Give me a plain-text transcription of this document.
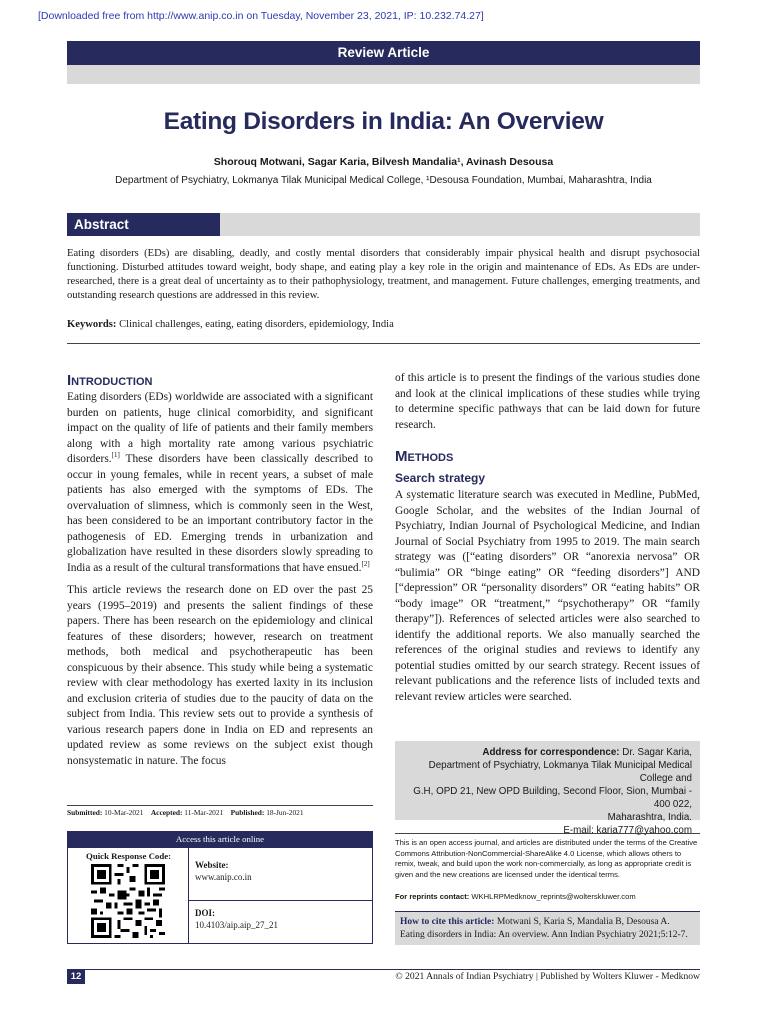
[Downloaded free from http://www.anip.co.in on Tuesday, November 23, 2021, IP: 10.232.74.27]
Review Article
Eating Disorders in India: An Overview
Shorouq Motwani, Sagar Karia, Bilvesh Mandalia¹, Avinash Desousa
Department of Psychiatry, Lokmanya Tilak Municipal Medical College, ¹Desousa Foundation, Mumbai, Maharashtra, India
Abstract
Eating disorders (EDs) are disabling, deadly, and costly mental disorders that considerably impair physical health and disrupt psychosocial functioning. Disturbed attitudes toward weight, body shape, and eating play a key role in the origin and maintenance of EDs. As EDs are under-researched, there is a great deal of uncertainty as to their pathophysiology, treatment, and management. Future challenges, emerging treatments, and outstanding research questions are addressed in this review.
Keywords: Clinical challenges, eating, eating disorders, epidemiology, India
INTRODUCTION

Eating disorders (EDs) worldwide are associated with a significant burden on patients, huge clinical comorbidity, and significant impact on the quality of life of patients and their family members along with a high mortality rate among various psychiatric disorders.[1] These disorders have been classically described to occur in young females, while in recent years, a subset of male patients has also emerged with the symptoms of EDs. The overvaluation of slimness, which is commonly seen in the West, has been considered to be an important contributory factor in the pathogenesis of ED. Emerging trends in urbanization and globalization have resulted in these disorders slowly spreading to India as a result of the cultural transformations that have ensued.[2]

This article reviews the research done on ED over the past 25 years (1995–2019) and presents the salient findings of these papers. There has been research on the epidemiology and clinical features of these disorders; however, research on treatment methods, both medical and psychotherapeutic has been conspicuous by their absence. This study while being a systematic review with clear methodology has exerted laxity in its inclusion and exclusion criteria of studies due to the paucity of data on the subject from India. This review sets out to provide a synthesis of various research papers done in India on ED and represents an updated review as some reviews on the subject exist though nonsystematic in nature. The focus

of this article is to present the findings of the various studies done and look at the clinical implications of these studies while trying to determine specific pathways that can be laid down for future research.

METHODS
Search strategy

A systematic literature search was executed in Medline, PubMed, Google Scholar, and the websites of the Indian Journal of Psychiatry, Indian Journal of Psychological Medicine, and Indian Journal of Social Psychiatry from 1995 to 2019. The main search strategy was ([“eating disorders” OR “anorexia nervosa” OR “bulimia” OR “binge eating” OR “feeding disorders”] AND [“depression” OR “personality disorders” OR “eating habits” OR “body image” OR “treatment,” “psychotherapy” OR “family therapy”]). References of selected articles were also searched to identify the additional reports. We also manually searched the references of the original studies and reviews to identify any potential studies omitted by our search strategy. Recent issues of relevant publications and the reference lists of included texts and relevant review articles were searched.

Address for correspondence: Dr. Sagar Karia,
Department of Psychiatry, Lokmanya Tilak Municipal Medical College and
G.H, OPD 21, New OPD Building, Second Floor, Sion, Mumbai - 400 022,
Maharashtra, India.
E-mail: karia777@yahoo.com
Submitted: 10-Mar-2021 Accepted: 11-Mar-2021 Published: 18-Jun-2021
Access this article online
Quick Response Code:
Website:
www.anip.co.in
DOI:
10.4103/aip.aip_27_21
This is an open access journal, and articles are distributed under the terms of the Creative Commons Attribution-NonCommercial-ShareAlike 4.0 License, which allows others to remix, tweak, and build upon the work non-commercially, as long as appropriate credit is given and the new creations are licensed under the identical terms.
For reprints contact: WKHLRPMedknow_reprints@wolterskluwer.com
How to cite this article: Motwani S, Karia S, Mandalia B, Desousa A. Eating disorders in India: An overview. Ann Indian Psychiatry 2021;5:12-7.
© 2021 Annals of Indian Psychiatry | Published by Wolters Kluwer - Medknow
12
